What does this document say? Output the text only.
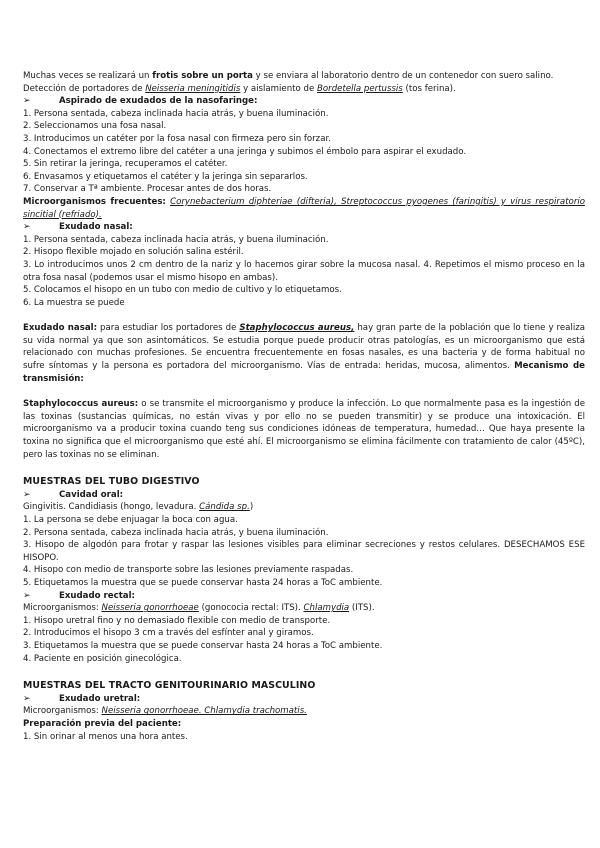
Muchas veces se realizará un frotis sobre un porta y se enviara al laboratorio dentro de un contenedor con suero salino.

Detección de portadores de Neisseria meningitidis y aislamiento de Bordetella pertussis (tos ferina).

➢	Aspirado de exudados de la nasofaringe:

1. Persona sentada, cabeza inclinada hacia atrás, y buena iluminación.

2. Seleccionamos una fosa nasal.

3. Introducimos un catéter por la fosa nasal con firmeza pero sin forzar.

4. Conectamos el extremo libre del catéter a una jeringa y subimos el émbolo para aspirar el exudado.

5. Sin retirar la jeringa, recuperamos el catéter.

6. Envasamos y etiquetamos el catéter y la jeringa sin separarlos.

7. Conservar a Tª ambiente. Procesar antes de dos horas.

Microorganismos frecuentes: Corynebacterium diphteriae (difteria), Streptococcus pyogenes (faringitis) y virus respiratorio sincitial (refriado).

➢	Exudado nasal:

1. Persona sentada, cabeza inclinada hacia atrás, y buena iluminación.

2. Hisopo flexible mojado en solución salina estéril.

3. Lo introducimos unos 2 cm dentro de la nariz y lo hacemos girar sobre la mucosa nasal. 4. Repetimos el mismo proceso en la otra fosa nasal (podemos usar el mismo hisopo en ambas).

5. Colocamos el hisopo en un tubo con medio de cultivo y lo etiquetamos.

6. La muestra se puede

Exudado nasal: para estudiar los portadores de Staphylococcus aureus, hay gran parte de la población que lo tiene y realiza su vida normal ya que son asintomáticos. Se estudia porque puede producir otras patologías, es un microorganismo que está relacionado con muchas profesiones. Se encuentra frecuentemente en fosas nasales, es una bacteria y de forma habitual no sufre síntomas y la persona es portadora del microorganismo. Vías de entrada: heridas, mucosa, alimentos. Mecanismo de transmisión:

Staphylococcus aureus: o se transmite el microorganismo y produce la infección. Lo que normalmente pasa es la ingestión de las toxinas (sustancias químicas, no están vivas y por ello no se pueden transmitir) y se produce una intoxicación. El microorganismo va a producir toxina cuando teng sus condiciones idóneas de temperatura, humedad… Que haya presente la toxina no significa que el microorganismo que esté ahí. El microorganismo se elimina fácilmente con tratamiento de calor (45ºC), pero las toxinas no se eliminan.

MUESTRAS DEL TUBO DIGESTIVO

➢	Cavidad oral:

Gingivitis. Candidiasis (hongo, levadura. Cándida sp.)

1. La persona se debe enjuagar la boca con agua.

2. Persona sentada, cabeza inclinada hacia atrás, y buena iluminación.

3. Hisopo de algodón para frotar y raspar las lesiones visibles para eliminar secreciones y restos celulares. DESECHAMOS ESE HISOPO.

4. Hisopo con medio de transporte sobre las lesiones previamente raspadas.

5. Etiquetamos la muestra que se puede conservar hasta 24 horas a ToC ambiente.

➢	Exudado rectal:

Microorganismos: Neisseria gonorrhoeae (gonococia rectal: ITS). Chlamydia (ITS).

1. Hisopo uretral fino y no demasiado flexible con medio de transporte.

2. Introducimos el hisopo 3 cm a través del esfínter anal y giramos.

3. Etiquetamos la muestra que se puede conservar hasta 24 horas a ToC ambiente.

4. Paciente en posición ginecológica.

MUESTRAS DEL TRACTO GENITOURINARIO MASCULINO

➢	Exudado uretral:

Microorganismos: Neisseria gonorrhoeae. Chlamydia trachomatis.

Preparación previa del paciente:

1. Sin orinar al menos una hora antes.
